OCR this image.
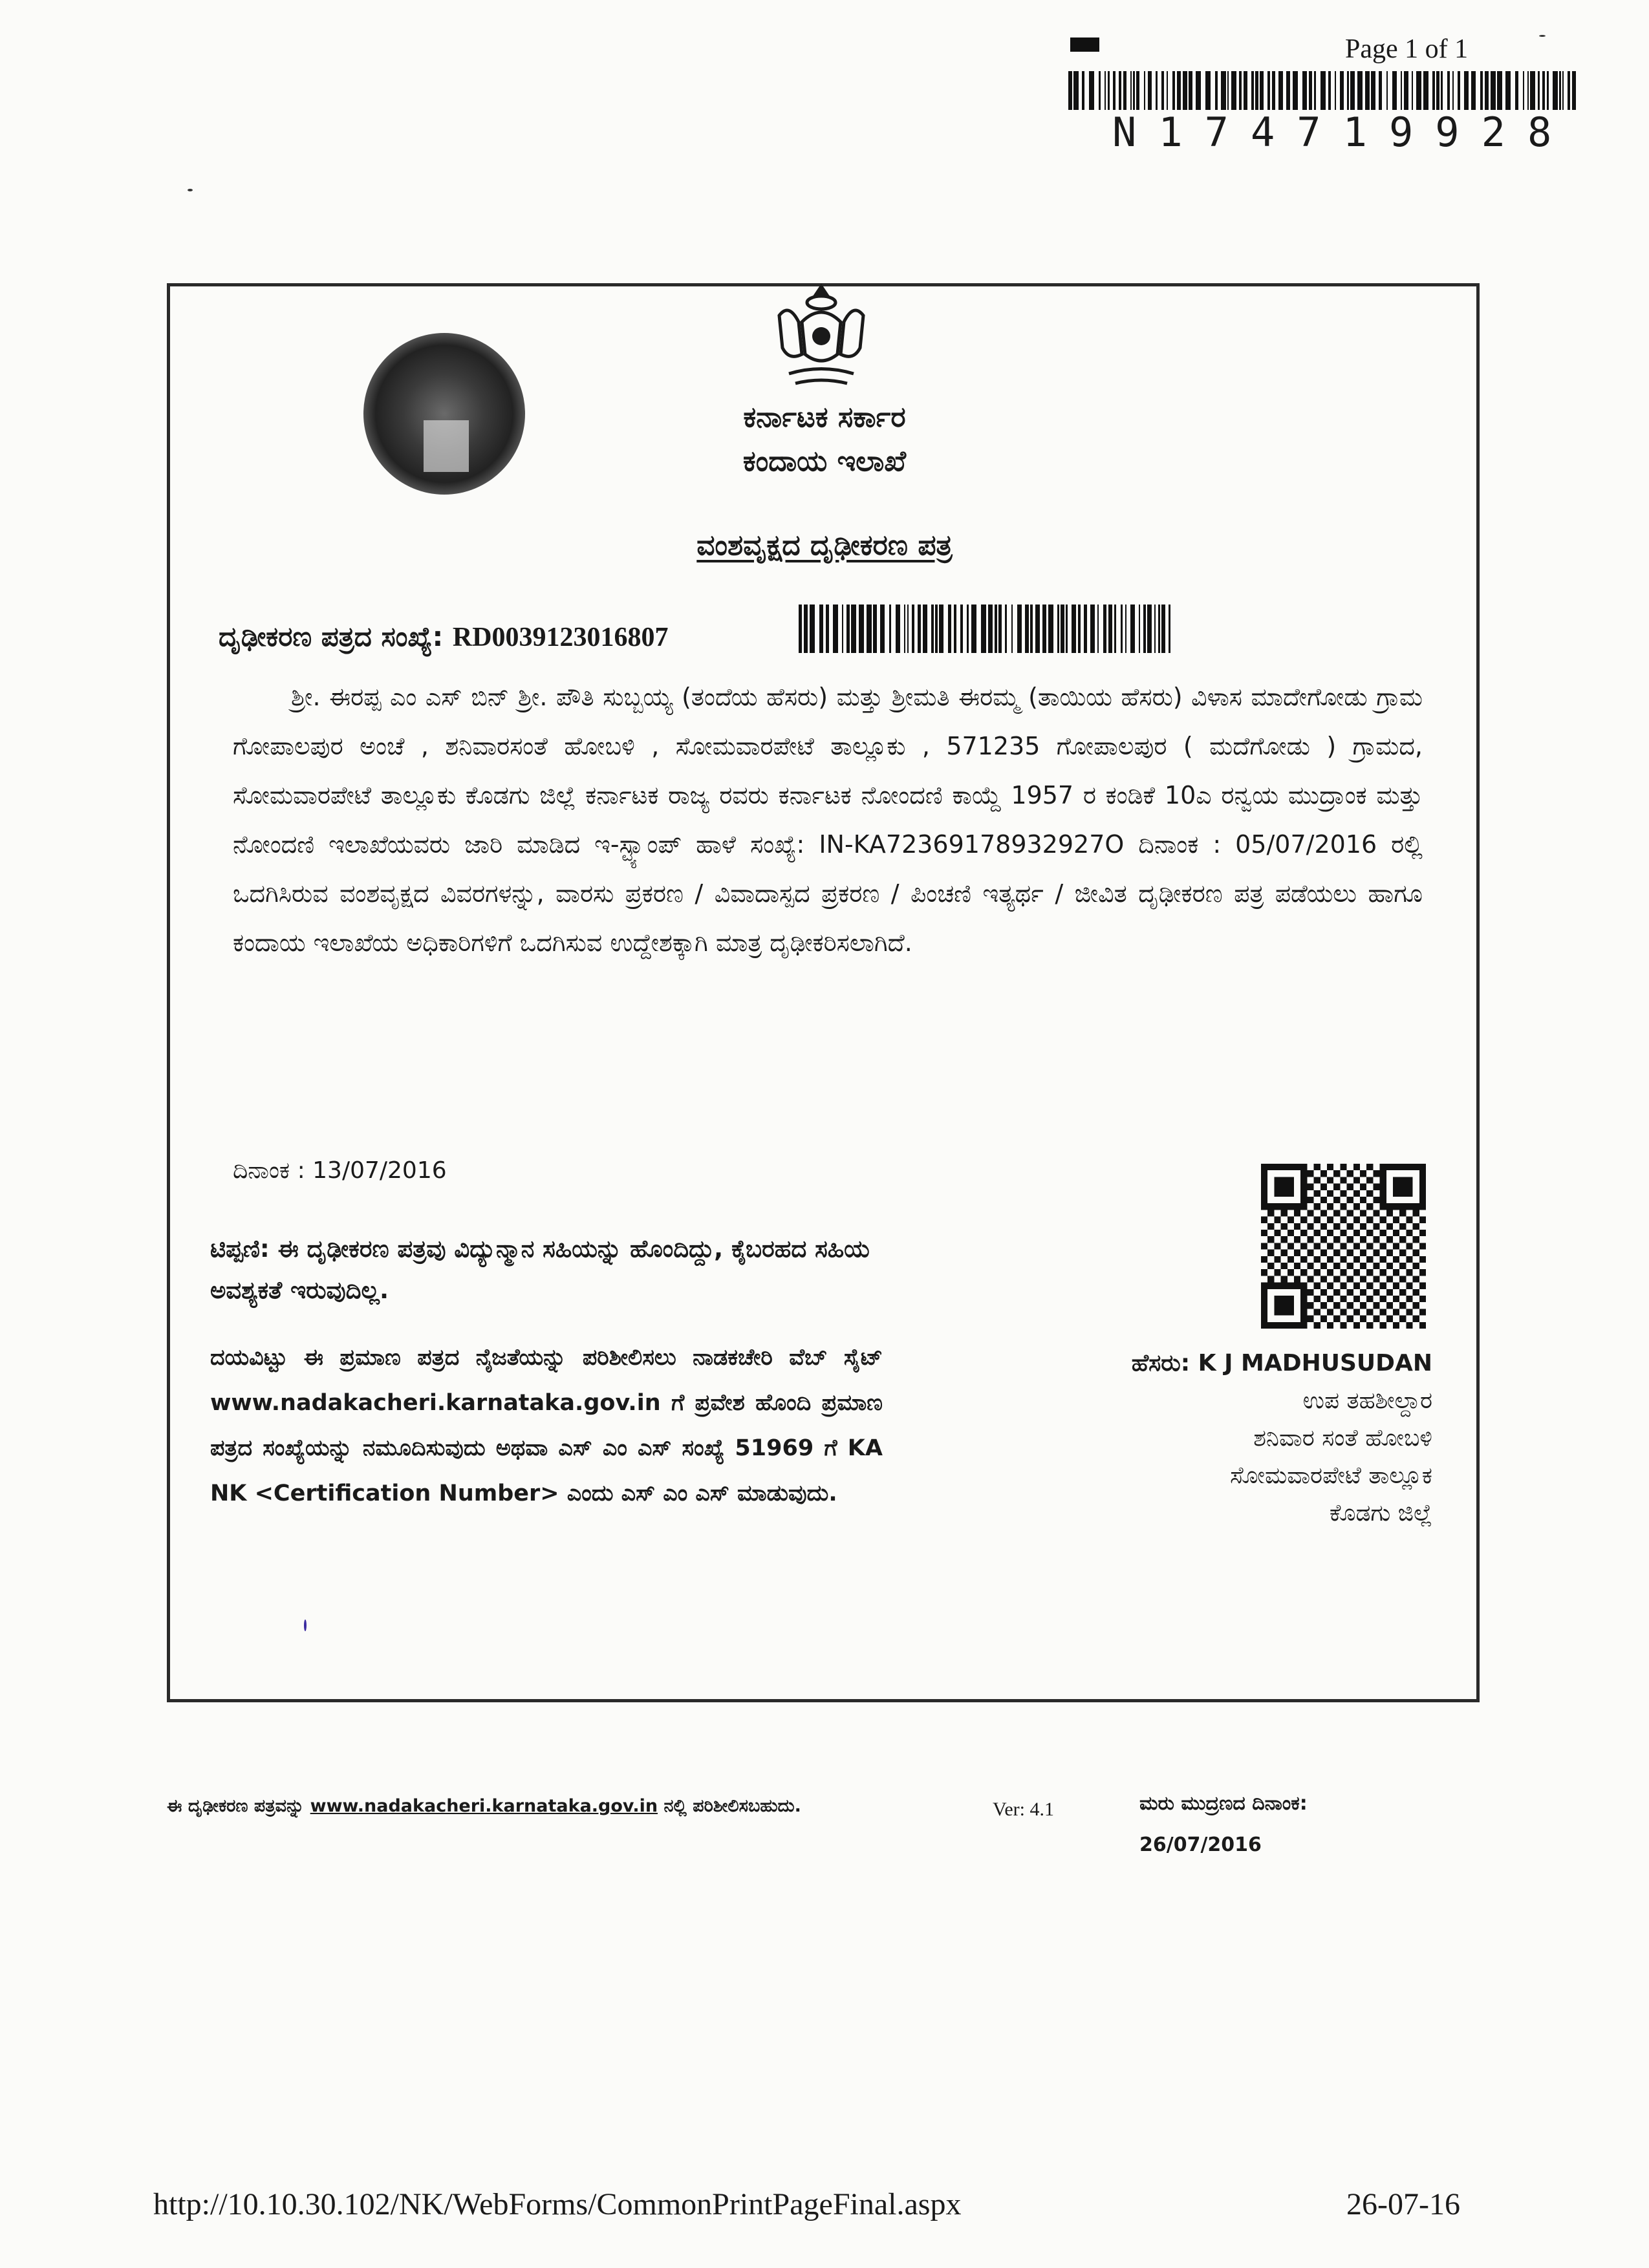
Page 1 of 1
N174719928
ಕರ್ನಾಟಕ ಸರ್ಕಾರ
ಕಂದಾಯ ಇಲಾಖೆ
ವಂಶವೃಕ್ಷದ ದೃಢೀಕರಣ ಪತ್ರ
ದೃಢೀಕರಣ ಪತ್ರದ ಸಂಖ್ಯೆ: RD0039123016807
ಶ್ರೀ. ಈರಪ್ಪ ಎಂ ಎಸ್ ಬಿನ್ ಶ್ರೀ. ಪೌತಿ ಸುಬ್ಬಯ್ಯ (ತಂದೆಯ ಹೆಸರು) ಮತ್ತು ಶ್ರೀಮತಿ ಈರಮ್ಮ (ತಾಯಿಯ ಹೆಸರು) ವಿಳಾಸ ಮಾದೇಗೋಡು ಗ್ರಾಮ ಗೋಪಾಲಪುರ ಅಂಚೆ , ಶನಿವಾರಸಂತೆ ಹೋಬಳಿ , ಸೋಮವಾರಪೇಟೆ ತಾಲ್ಲೂಕು , 571235 ಗೋಪಾಲಪುರ ( ಮದೆಗೋಡು ) ಗ್ರಾಮದ, ಸೋಮವಾರಪೇಟೆ ತಾಲ್ಲೂಕು ಕೊಡಗು ಜಿಲ್ಲೆ ಕರ್ನಾಟಕ ರಾಜ್ಯ ರವರು ಕರ್ನಾಟಕ ನೋಂದಣಿ ಕಾಯ್ದೆ 1957 ರ ಕಂಡಿಕೆ 10ಎ ರನ್ವಯ ಮುದ್ರಾಂಕ ಮತ್ತು ನೋಂದಣಿ ಇಲಾಖೆಯವರು ಜಾರಿ ಮಾಡಿದ ಇ-ಸ್ಟ್ಯಾಂಪ್ ಹಾಳೆ ಸಂಖ್ಯೆ: IN-KA72369178932927O ದಿನಾಂಕ : 05/07/2016 ರಲ್ಲಿ ಒದಗಿಸಿರುವ ವಂಶವೃಕ್ಷದ ವಿವರಗಳನ್ನು, ವಾರಸು ಪ್ರಕರಣ / ವಿವಾದಾಸ್ಪದ ಪ್ರಕರಣ / ಪಿಂಚಣಿ ಇತ್ಯರ್ಥ / ಜೀವಿತ ದೃಢೀಕರಣ ಪತ್ರ ಪಡೆಯಲು ಹಾಗೂ ಕಂದಾಯ ಇಲಾಖೆಯ ಅಧಿಕಾರಿಗಳಿಗೆ ಒದಗಿಸುವ ಉದ್ದೇಶಕ್ಕಾಗಿ ಮಾತ್ರ ದೃಢೀಕರಿಸಲಾಗಿದೆ.
ದಿನಾಂಕ : 13/07/2016
ಟಿಪ್ಪಣಿ: ಈ ದೃಢೀಕರಣ ಪತ್ರವು ವಿದ್ಯುನ್ಮಾನ ಸಹಿಯನ್ನು ಹೊಂದಿದ್ದು, ಕೈಬರಹದ ಸಹಿಯ ಅವಶ್ಯಕತೆ ಇರುವುದಿಲ್ಲ.
ದಯವಿಟ್ಟು ಈ ಪ್ರಮಾಣ ಪತ್ರದ ನೈಜತೆಯನ್ನು ಪರಿಶೀಲಿಸಲು ನಾಡಕಚೇರಿ ವೆಬ್ ಸೈಟ್ www.nadakacheri.karnataka.gov.in ಗೆ ಪ್ರವೇಶ ಹೊಂದಿ ಪ್ರಮಾಣ ಪತ್ರದ ಸಂಖ್ಯೆಯನ್ನು ನಮೂದಿಸುವುದು ಅಥವಾ ಎಸ್ ಎಂ ಎಸ್ ಸಂಖ್ಯೆ 51969 ಗೆ KA NK <Certification Number> ಎಂದು ಎಸ್ ಎಂ ಎಸ್ ಮಾಡುವುದು.
ಹೆಸರು: K J MADHUSUDAN
ಉಪ ತಹಶೀಲ್ದಾರ
ಶನಿವಾರ ಸಂತೆ ಹೋಬಳಿ
ಸೋಮವಾರಪೇಟೆ ತಾಲ್ಲೂಕ
ಕೊಡಗು ಜಿಲ್ಲೆ
ಈ ದೃಢೀಕರಣ ಪತ್ರವನ್ನು www.nadakacheri.karnataka.gov.in ನಲ್ಲಿ ಪರಿಶೀಲಿಸಬಹುದು.	Ver: 4.1	ಮರು ಮುದ್ರಣದ ದಿನಾಂಕ:
26/07/2016
http://10.10.30.102/NK/WebForms/CommonPrintPageFinal.aspx	26-07-16
